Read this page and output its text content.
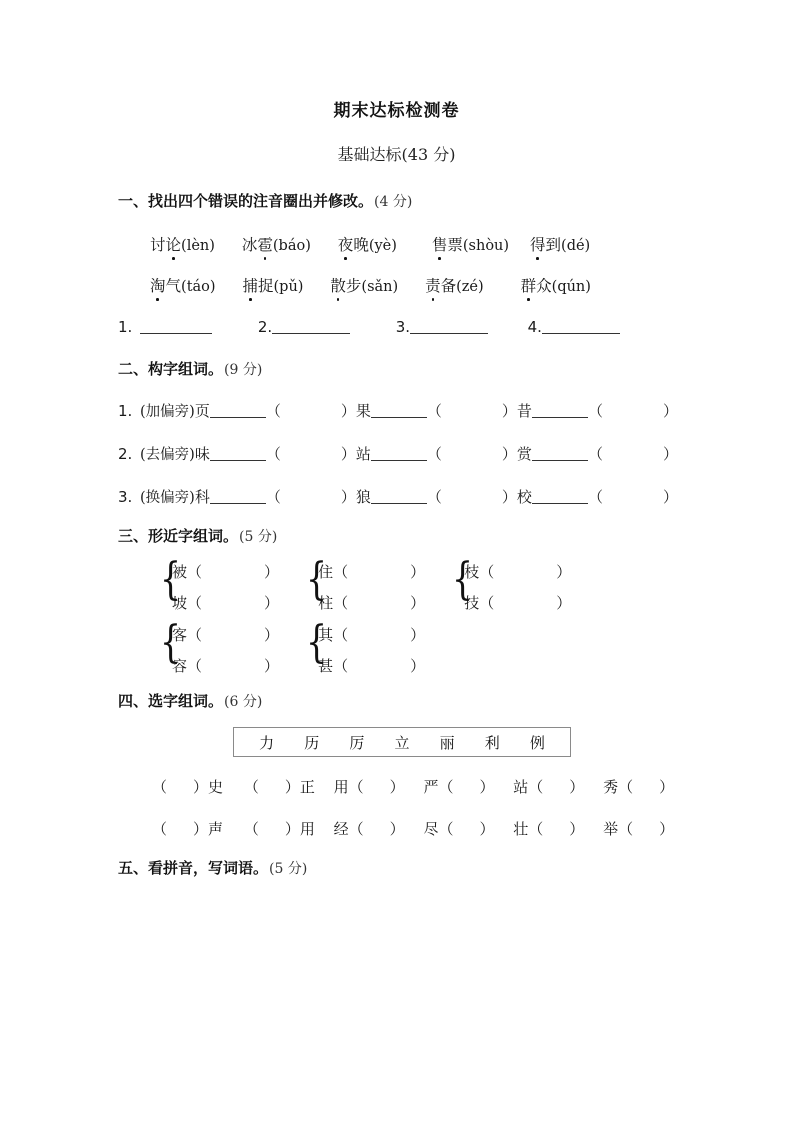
期末达标检测卷
基础达标(43 分)
一、找出四个错误的注音圈出并修改。(4 分)
讨论(lèn) 冰雹(báo) 夜晚(yè) 售票(shòu) 得到(dé)
淘气(táo) 捕捉(pǔ) 散步(sǎn) 责备(zé) 群众(qún)
1.	2.	3.	4.
二、构字组词。(9 分)
1. (加偏旁)页	（	）果	（	）昔	（	）
2. (去偏旁)味	（	）站	（	）赏	（	）
3. (换偏旁)科	（	）狼	（	）校	（	）
三、形近字组词。(5 分)
{
被（	）
坡（	） {
住（	）
柱（	） {
枝（	）
技（	）
{
客（	）
容（	） {
其（	）
甚（	）
四、选字组词。(6 分)
力	历	厉	立	丽	利	例
（ ）史 （ ）正 用（ ） 严（ ） 站（ ） 秀（ ）
（ ）声 （ ）用 经（ ） 尽（ ） 壮（ ） 举（ ）
五、看拼音，写词语。(5 分)
